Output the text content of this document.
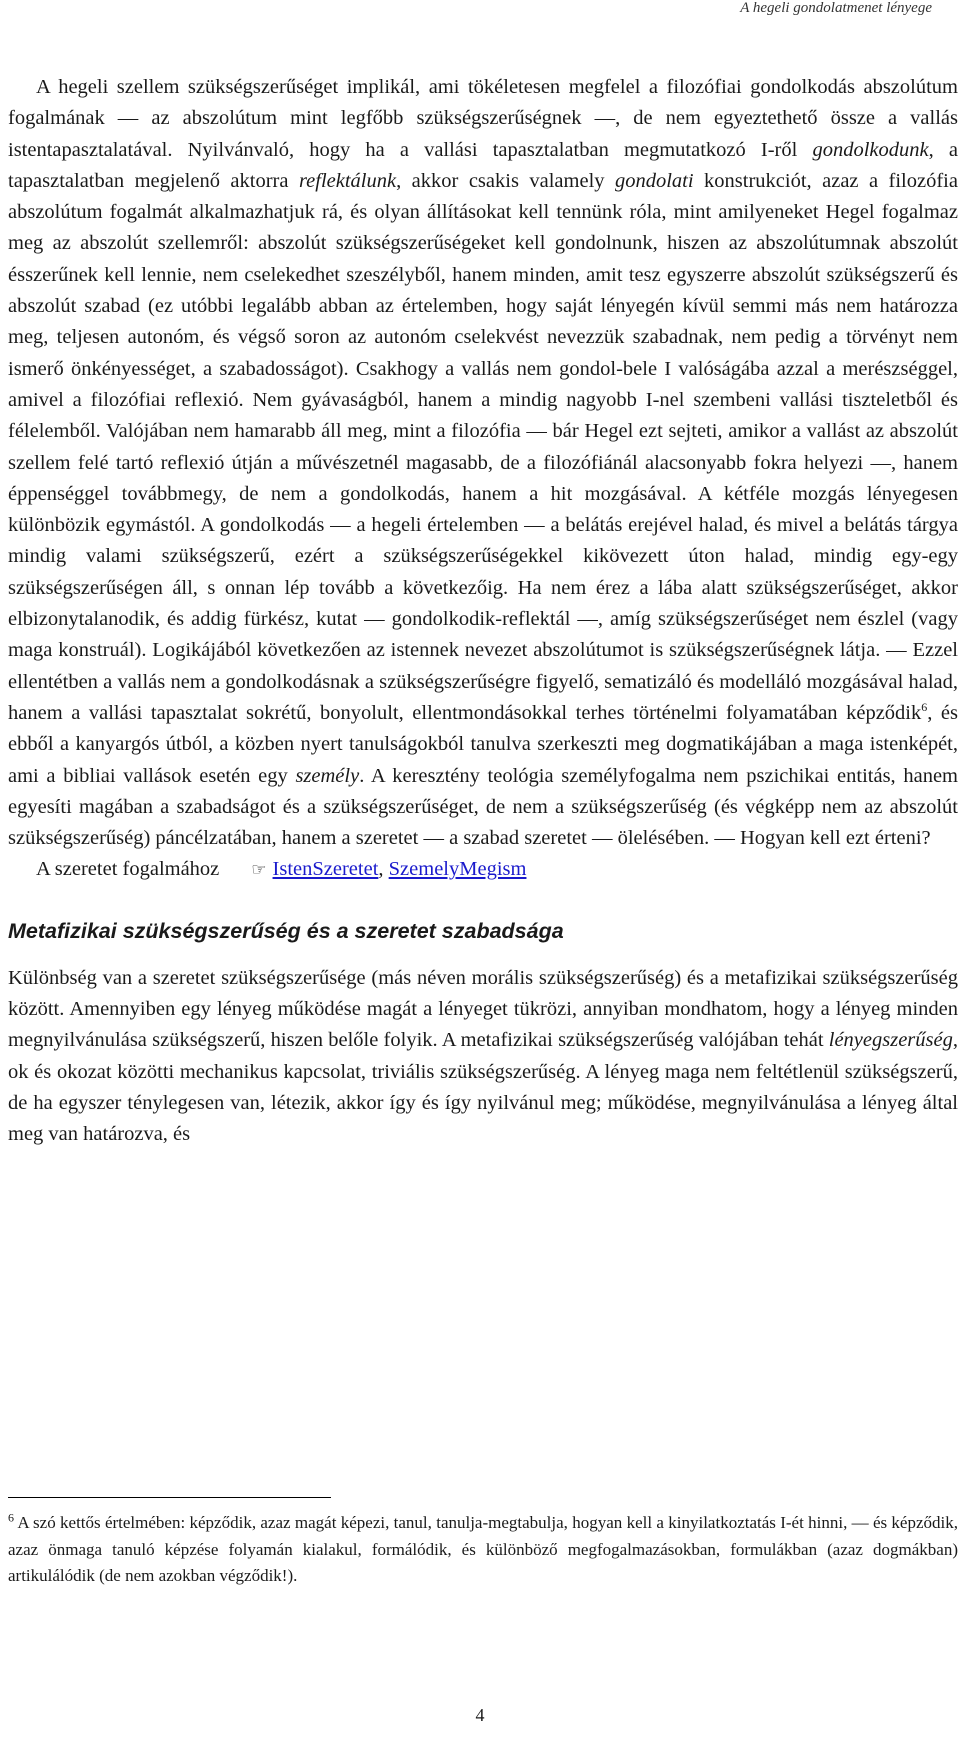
A hegeli gondolatmenet lényege

A hegeli szellem szükségszerűséget implikál, ami tökéletesen megfelel a filozófiai gondolkodás abszolútum fogalmának — az abszolútum mint legfőbb szükségszerűségnek —, de nem egyeztethető össze a vallás istentapasztalatával. Nyilvánvaló, hogy ha a vallási tapasztalatban megmutatkozó I-ről gondolkodunk, a tapasztalatban megjelenő aktorra reflektálunk, akkor csakis valamely gondolati konstrukciót, azaz a filozófia abszolútum fogalmát alkalmazhatjuk rá, és olyan állításokat kell tennünk róla, mint amilyeneket Hegel fogalmaz meg az abszolút szellemről: abszolút szükségszerűségeket kell gondolnunk, hiszen az abszolútumnak abszolút ésszerűnek kell lennie, nem cselekedhet szeszélyből, hanem minden, amit tesz egyszerre abszolút szükségszerű és abszolút szabad (ez utóbbi legalább abban az értelemben, hogy saját lényegén kívül semmi más nem határozza meg, teljesen autonóm, és végső soron az autonóm cselekvést nevezzük szabadnak, nem pedig a törvényt nem ismerő önkényességet, a szabadosságot). Csakhogy a vallás nem gondol-bele I valóságába azzal a merészséggel, amivel a filozófiai reflexió. Nem gyávaságból, hanem a mindig nagyobb I-nel szembeni vallási tiszteletből és félelemből. Valójában nem hamarabb áll meg, mint a filozófia — bár Hegel ezt sejteti, amikor a vallást az abszolút szellem felé tartó reflexió útján a művészetnél magasabb, de a filozófiánál alacsonyabb fokra helyezi —, hanem éppenséggel továbbmegy, de nem a gondolkodás, hanem a hit mozgásával. A kétféle mozgás lényegesen különbözik egymástól. A gondolkodás — a hegeli értelemben — a belátás erejével halad, és mivel a belátás tárgya mindig valami szükségszerű, ezért a szükségszerűségekkel kikövezett úton halad, mindig egy-egy szükségszerűségen áll, s onnan lép tovább a következőig. Ha nem érez a lába alatt szükségszerűséget, akkor elbizonytalanodik, és addig fürkész, kutat — gondolkodik-reflektál —, amíg szükségszerűséget nem észlel (vagy maga konstruál). Logikájából következően az istennek nevezet abszolútumot is szükségszerűségnek látja. — Ezzel ellentétben a vallás nem a gondolkodásnak a szükségszerűségre figyelő, sematizáló és modelláló mozgásával halad, hanem a vallási tapasztalat sokrétű, bonyolult, ellentmondásokkal terhes történelmi folyamatában képződik$^6$, és ebből a kanyargós útból, a közben nyert tanulságokból tanulva szerkeszti meg dogmatikájában a maga istenképét, ami a bibliai vallások esetén egy személy. A keresztény teológia személyfogalma nem pszichikai entitás, hanem egyesíti magában a szabadságot és a szükségszerűséget, de nem a szükségszerűség (és végképp nem az abszolút szükségszerűség) páncélzatában, hanem a szeretet — a szabad szeretet — ölelésében. — Hogyan kell ezt érteni?

A szeretet fogalmához ☞ IstenSzeretet, SzemelyMegism

Metafizikai szükségszerűség és a szeretet szabadsága

Különbség van a szeretet szükségszerűsége (más néven morális szükségszerűség) és a metafizikai szükségszerűség között. Amennyiben egy lényeg működése magát a lényeget tükrözi, annyiban mondhatom, hogy a lényeg minden megnyilvánulása szükségszerű, hiszen belőle folyik. A metafizikai szükségszerűség valójában tehát lényegszerűség, ok és okozat közötti mechanikus kapcsolat, triviális szükségszerűség. A lényeg maga nem feltétlenül szükségszerű, de ha egyszer ténylegesen van, létezik, akkor így és így nyilvánul meg; működése, megnyilvánulása a lényeg által meg van határozva, és

$^6$ A szó kettős értelmében: képződik, azaz magát képezi, tanul, tanulja-megtabulja, hogyan kell a kinyilatkoztatás I-ét hinni, — és képződik, azaz önmaga tanuló képzése folyamán kialakul, formálódik, és különböző megfogalmazásokban, formulákban (azaz dogmákban) artikulálódik (de nem azokban végződik!).

4
